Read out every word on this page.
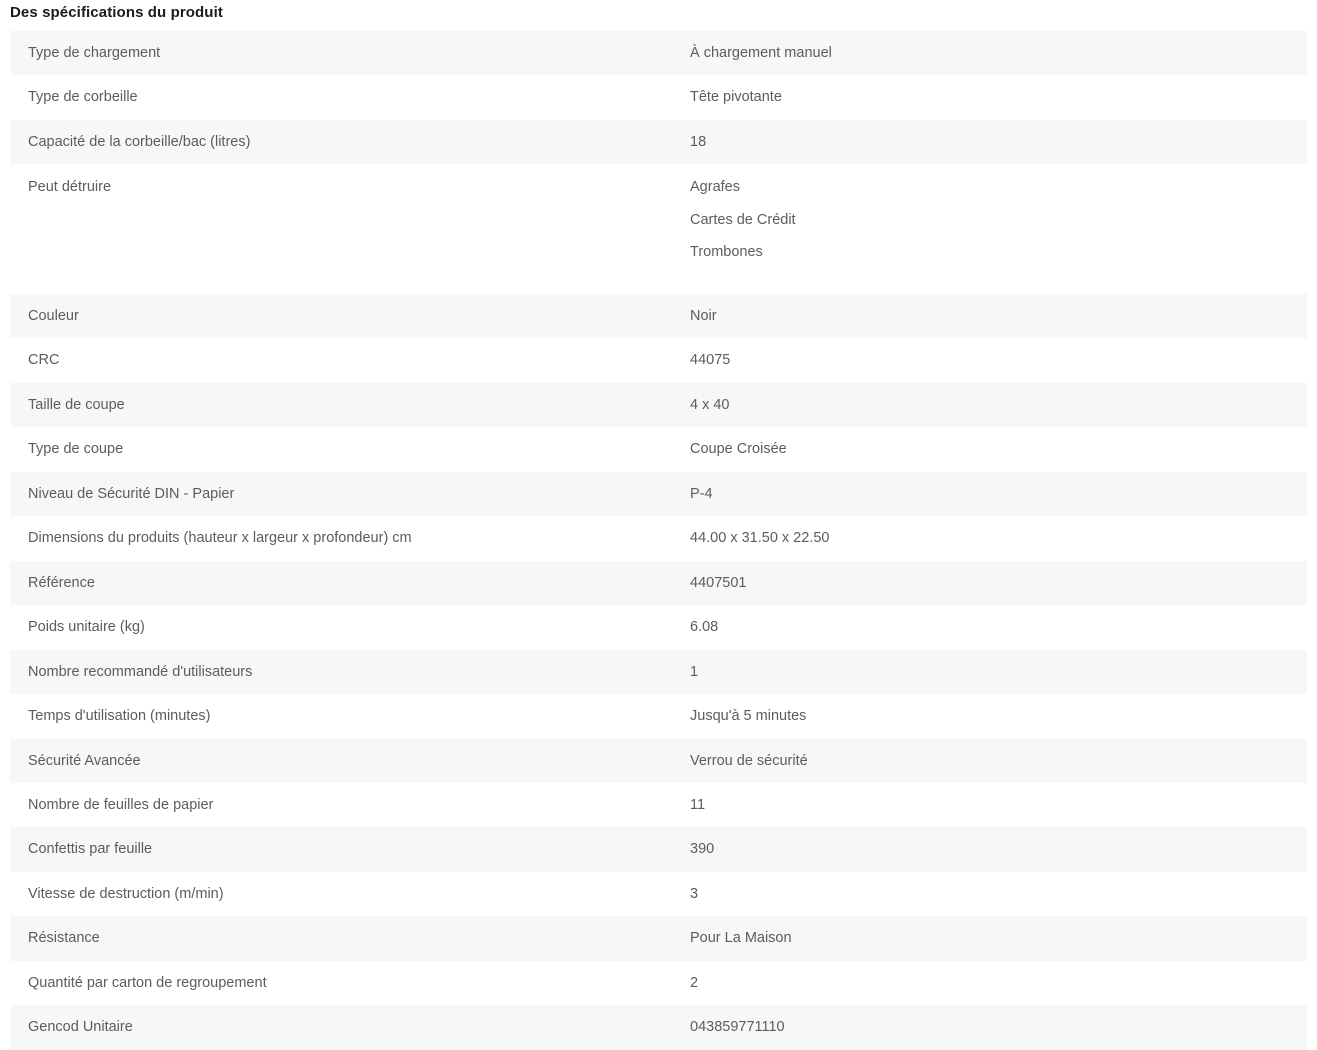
Des spécifications du produit
Type de chargement	À chargement manuel

Type de corbeille	Tête pivotante

Capacité de la corbeille/bac (litres)	18

Peut détruire	Agrafes
Cartes de Crédit
Trombones

Couleur	Noir

CRC	44075

Taille de coupe	4 x 40

Type de coupe	Coupe Croisée

Niveau de Sécurité DIN - Papier	P-4

Dimensions du produits (hauteur x largeur x profondeur) cm	44.00 x 31.50 x 22.50

Référence	4407501

Poids unitaire (kg)	6.08

Nombre recommandé d'utilisateurs	1

Temps d'utilisation (minutes)	Jusqu'à 5 minutes

Sécurité Avancée	Verrou de sécurité

Nombre de feuilles de papier	11

Confettis par feuille	390

Vitesse de destruction (m/min)	3

Résistance	Pour La Maison

Quantité par carton de regroupement	2

Gencod Unitaire	043859771110
